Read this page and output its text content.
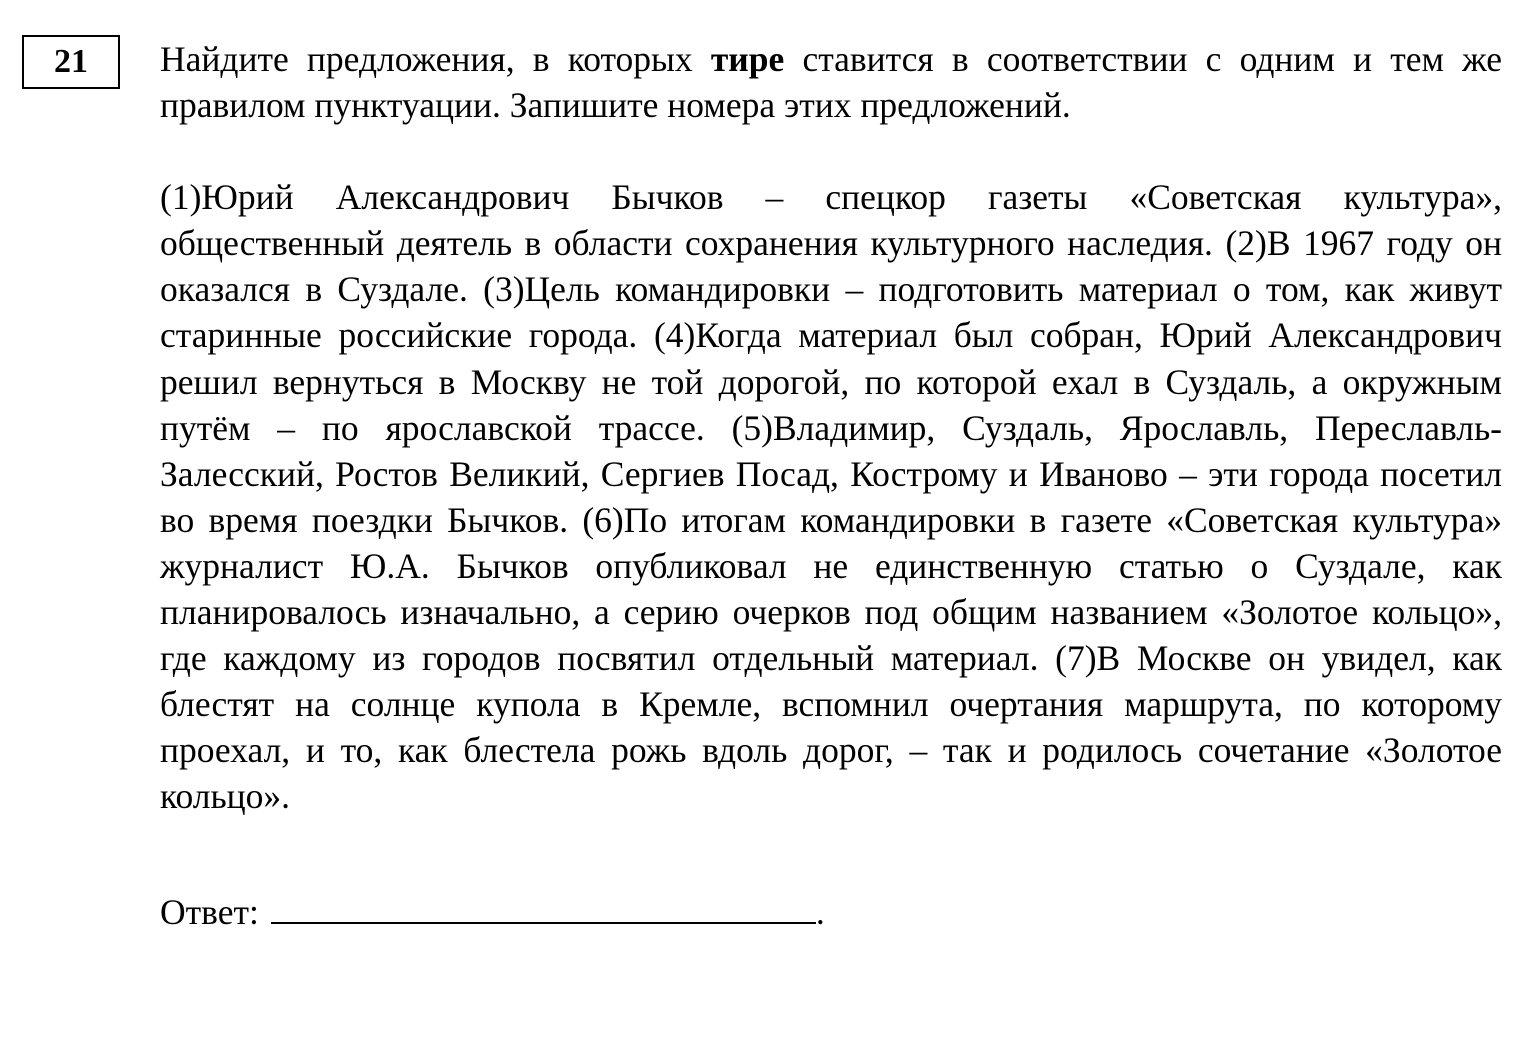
21 Найдите предложения, в которых тире ставится в соответствии с одним и тем же правилом пунктуации. Запишите номера этих предложений.

(1)Юрий Александрович Бычков – спецкор газеты «Советская культура», общественный деятель в области сохранения культурного наследия. (2)В 1967 году он оказался в Суздале. (3)Цель командировки – подготовить материал о том, как живут старинные российские города. (4)Когда материал был собран, Юрий Александрович решил вернуться в Москву не той дорогой, по которой ехал в Суздаль, а окружным путём – по ярославской трассе. (5)Владимир, Суздаль, Ярославль, Переславль-Залесский, Ростов Великий, Сергиев Посад, Кострому и Иваново – эти города посетил во время поездки Бычков. (6)По итогам командировки в газете «Советская культура» журналист Ю.А. Бычков опубликовал не единственную статью о Суздале, как планировалось изначально, а серию очерков под общим названием «Золотое кольцо», где каждому из городов посвятил отдельный материал. (7)В Москве он увидел, как блестят на солнце купола в Кремле, вспомнил очертания маршрута, по которому проехал, и то, как блестела рожь вдоль дорог, – так и родилось сочетание «Золотое кольцо».

Ответ:	.
